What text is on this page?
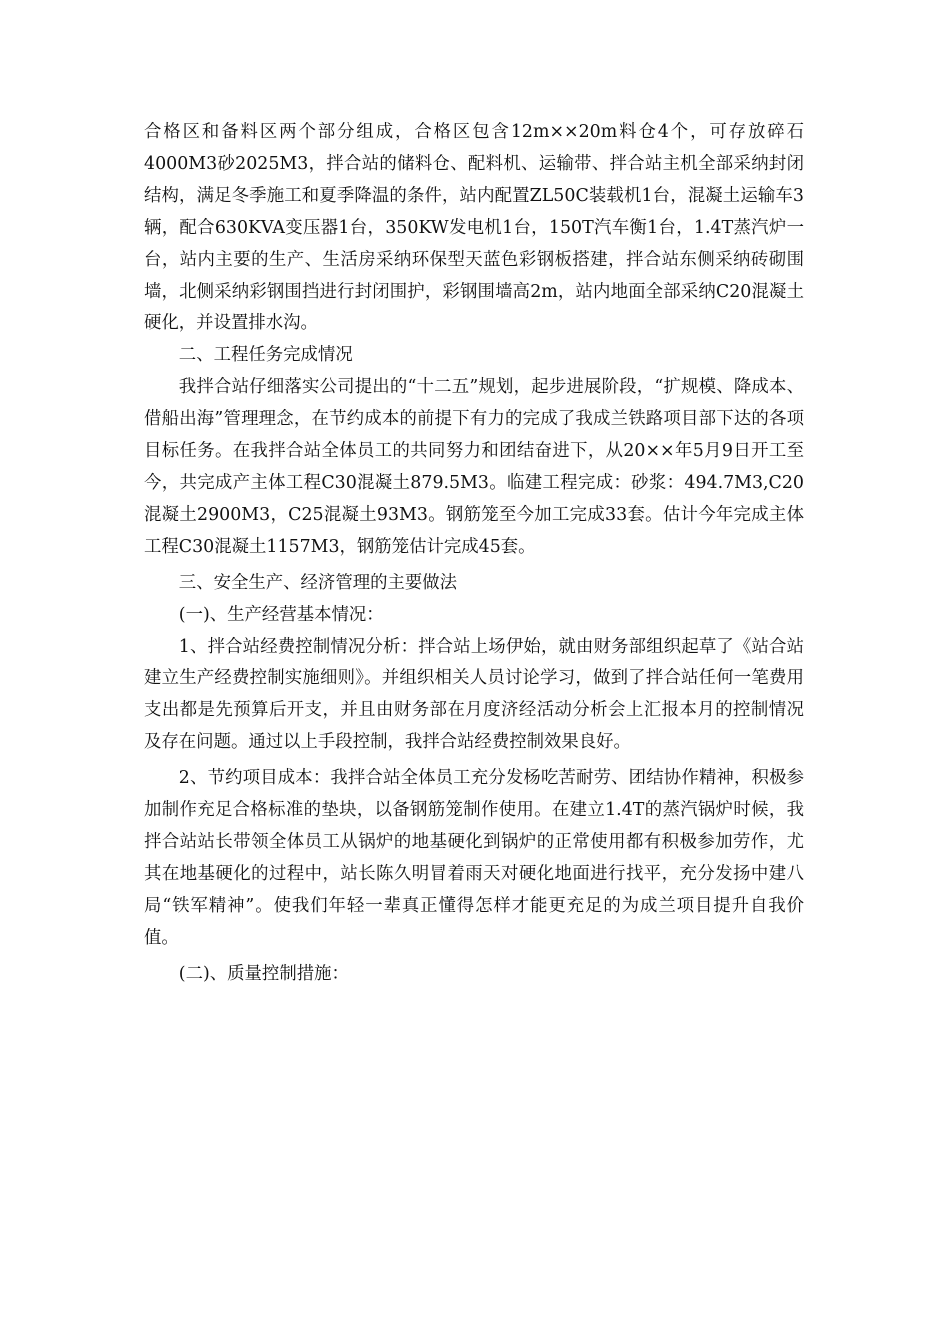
合格区和备料区两个部分组成，合格区包含12m××20m料仓4个，可存放碎石4000M3砂2025M3，拌合站的储料仓、配料机、运输带、拌合站主机全部采纳封闭结构，满足冬季施工和夏季降温的条件，站内配置ZL50C装载机1台，混凝土运输车3辆，配合630KVA变压器1台，350KW发电机1台，150T汽车衡1台，1.4T蒸汽炉一台，站内主要的生产、生活房采纳环保型天蓝色彩钢板搭建，拌合站东侧采纳砖砌围墙，北侧采纳彩钢围挡进行封闭围护，彩钢围墙高2m，站内地面全部采纳C20混凝土硬化，并设置排水沟。

二、工程任务完成情况

我拌合站仔细落实公司提出的“十二五”规划，起步进展阶段，“扩规模、降成本、借船出海”管理理念，在节约成本的前提下有力的完成了我成兰铁路项目部下达的各项目标任务。在我拌合站全体员工的共同努力和团结奋进下，从20××年5月9日开工至今，共完成产主体工程C30混凝土879.5M3。临建工程完成：砂浆：494.7M3,C20混凝土2900M3，C25混凝土93M3。钢筋笼至今加工完成33套。估计今年完成主体工程C30混凝土1157M3，钢筋笼估计完成45套。

三、安全生产、经济管理的主要做法

(一)、生产经营基本情况：

1、拌合站经费控制情况分析：拌合站上场伊始，就由财务部组织起草了《站合站建立生产经费控制实施细则》。并组织相关人员讨论学习，做到了拌合站任何一笔费用支出都是先预算后开支，并且由财务部在月度济经活动分析会上汇报本月的控制情况及存在问题。通过以上手段控制，我拌合站经费控制效果良好。

2、节约项目成本：我拌合站全体员工充分发杨吃苦耐劳、团结协作精神，积极参加制作充足合格标准的垫块，以备钢筋笼制作使用。在建立1.4T的蒸汽锅炉时候，我拌合站站长带领全体员工从锅炉的地基硬化到锅炉的正常使用都有积极参加劳作，尤其在地基硬化的过程中，站长陈久明冒着雨天对硬化地面进行找平，充分发扬中建八局“铁军精神”。使我们年轻一辈真正懂得怎样才能更充足的为成兰项目提升自我价值。

(二)、质量控制措施：
